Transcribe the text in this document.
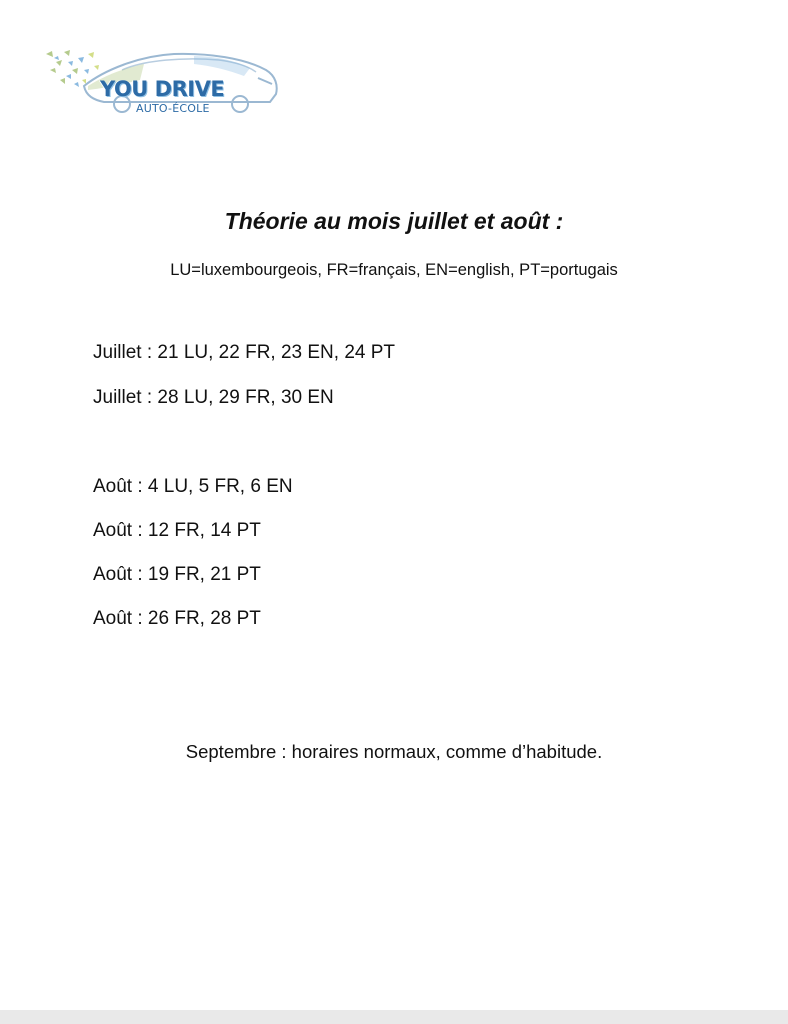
YOU DRIVE
AUTO-ÉCOLE
Théorie au mois juillet et août :
LU=luxembourgeois, FR=français, EN=english, PT=portugais
Juillet : 21 LU, 22 FR, 23 EN, 24 PT
Juillet : 28 LU, 29 FR, 30 EN
Août : 4 LU, 5 FR, 6 EN
Août : 12 FR, 14 PT
Août : 19 FR, 21 PT
Août : 26 FR, 28 PT
Septembre : horaires normaux, comme d’habitude.
